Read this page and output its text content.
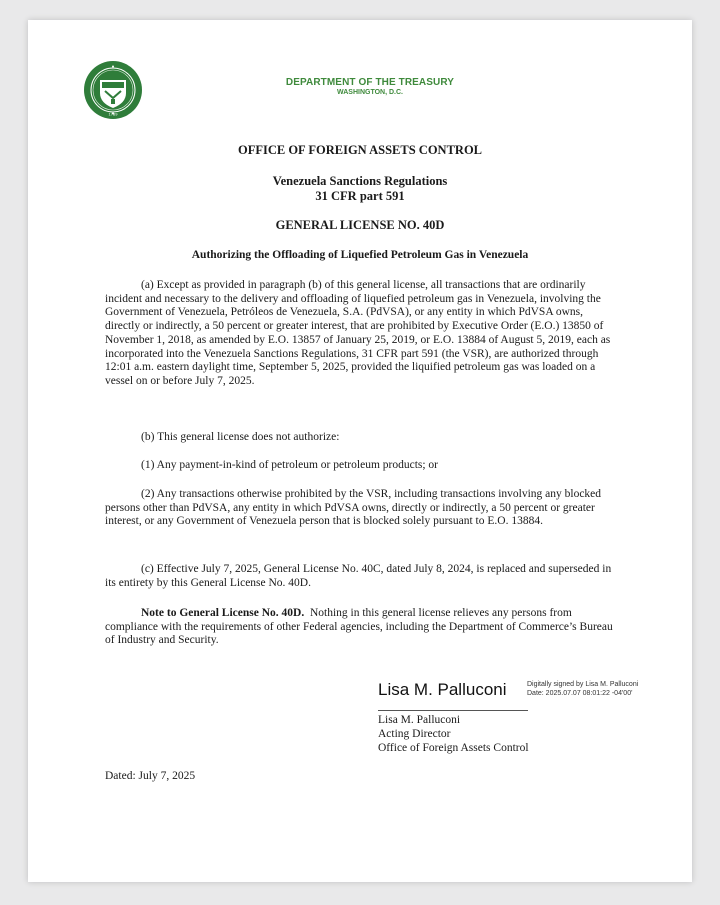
1789
DEPARTMENT OF THE TREASURY
WASHINGTON, D.C.
OFFICE OF FOREIGN ASSETS CONTROL
Venezuela Sanctions Regulations
31 CFR part 591
GENERAL LICENSE NO. 40D
Authorizing the Offloading of Liquefied Petroleum Gas in Venezuela

(a) Except as provided in paragraph (b) of this general license, all transactions that are ordinarily incident and necessary to the delivery and offloading of liquefied petroleum gas in Venezuela, involving the Government of Venezuela, Petróleos de Venezuela, S.A. (PdVSA), or any entity in which PdVSA owns, directly or indirectly, a 50 percent or greater interest, that are prohibited by Executive Order (E.O.) 13850 of November 1, 2018, as amended by E.O. 13857 of January 25, 2019, or E.O. 13884 of August 5, 2019, each as incorporated into the Venezuela Sanctions Regulations, 31 CFR part 591 (the VSR), are authorized through 12:01 a.m. eastern daylight time, September 5, 2025, provided the liquified petroleum gas was loaded on a vessel on or before July 7, 2025.

(b) This general license does not authorize:

(1) Any payment-in-kind of petroleum or petroleum products; or

(2) Any transactions otherwise prohibited by the VSR, including transactions involving any blocked persons other than PdVSA, any entity in which PdVSA owns, directly or indirectly, a 50 percent or greater interest, or any Government of Venezuela person that is blocked solely pursuant to E.O. 13884.

(c) Effective July 7, 2025, General License No. 40C, dated July 8, 2024, is replaced and superseded in its entirety by this General License No. 40D.

Note to General License No. 40D. Nothing in this general license relieves any persons from compliance with the requirements of other Federal agencies, including the Department of Commerce’s Bureau of Industry and Security.

Lisa M. Palluconi	Digitally signed by Lisa M. Palluconi
Date: 2025.07.07 08:01:22 -04'00'
Lisa M. Palluconi
Acting Director
Office of Foreign Assets Control
Dated: July 7, 2025
